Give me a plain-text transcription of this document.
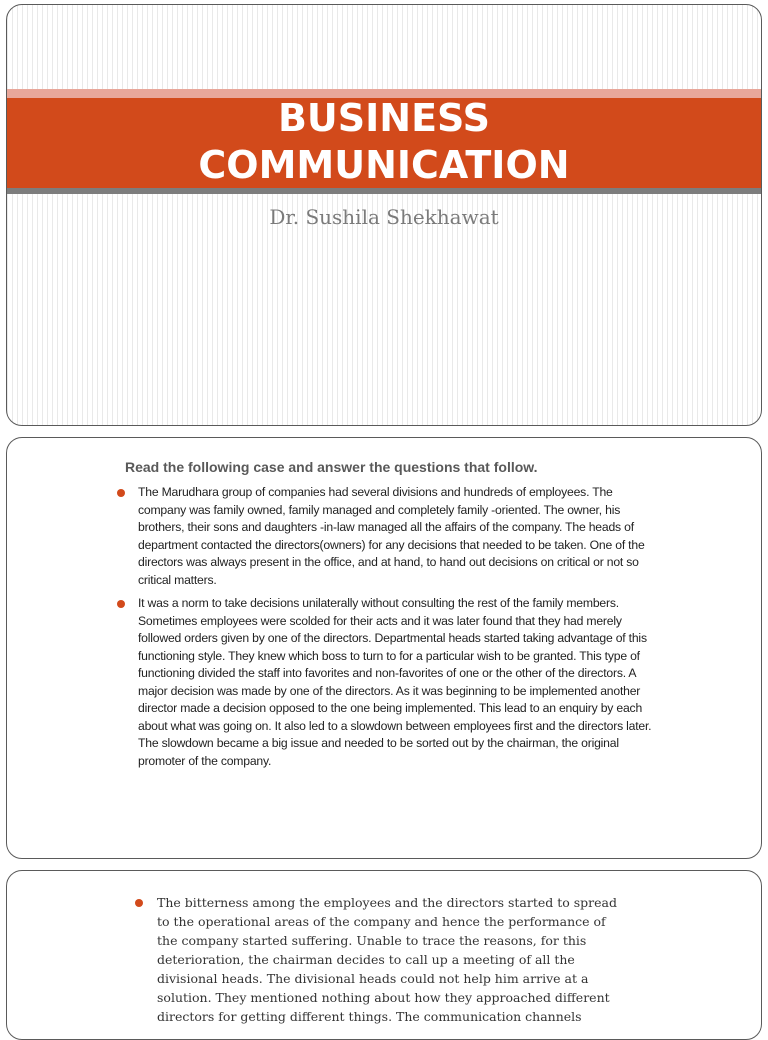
BUSINESS
COMMUNICATION
Dr. Sushila Shekhawat
Read the following case and answer the questions that follow.
The Marudhara group of companies had several divisions and hundreds of employees. The company was family owned, family managed and completely family -oriented. The owner, his brothers, their sons and daughters -in-law managed all the affairs of the company. The heads of department contacted the directors(owners) for any decisions that needed to be taken. One of the directors was always present in the office, and at hand, to hand out decisions on critical or not so critical matters.
It was a norm to take decisions unilaterally without consulting the rest of the family members. Sometimes employees were scolded for their acts and it was later found that they had merely followed orders given by one of the directors. Departmental heads started taking advantage of this functioning style. They knew which boss to turn to for a particular wish to be granted. This type of functioning divided the staff into favorites and non-favorites of one or the other of the directors. A major decision was made by one of the directors. As it was beginning to be implemented another director made a decision opposed to the one being implemented. This lead to an enquiry by each about what was going on. It also led to a slowdown between employees first and the directors later. The slowdown became a big issue and needed to be sorted out by the chairman, the original promoter of the company.
The bitterness among the employees and the directors started to spread to the operational areas of the company and hence the performance of the company started suffering. Unable to trace the reasons, for this deterioration, the chairman decides to call up a meeting of all the divisional heads. The divisional heads could not help him arrive at a solution. They mentioned nothing about how they approached different directors for getting different things. The communication channels
